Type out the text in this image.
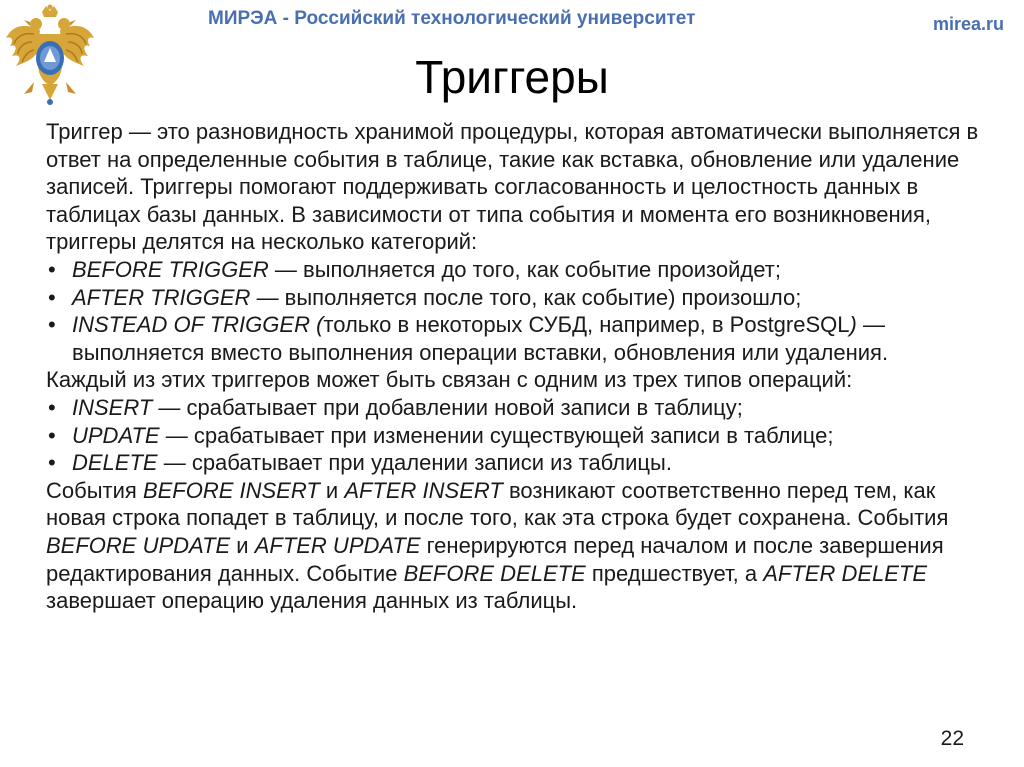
МИРЭА - Российский технологический университет	mirea.ru
Триггеры

Триггер — это разновидность хранимой процедуры, которая автоматически выполняется в ответ на определенные события в таблице, такие как вставка, обновление или удаление записей. Триггеры помогают поддерживать согласованность и целостность данных в таблицах базы данных. В зависимости от типа события и момента его возникновения, триггеры делятся на несколько категорий:

• BEFORE TRIGGER — выполняется до того, как событие произойдет;
• AFTER TRIGGER — выполняется после того, как событие) произошло;
• INSTEAD OF TRIGGER (только в некоторых СУБД, например, в PostgreSQL) — выполняется вместо выполнения операции вставки, обновления или удаления.

Каждый из этих триггеров может быть связан с одним из трех типов операций:

• INSERT — срабатывает при добавлении новой записи в таблицу;
• UPDATE — срабатывает при изменении существующей записи в таблице;
• DELETE — срабатывает при удалении записи из таблицы.

События BEFORE INSERT и AFTER INSERT возникают соответственно перед тем, как новая строка попадет в таблицу, и после того, как эта строка будет сохранена. События BEFORE UPDATE и AFTER UPDATE генерируются перед началом и после завершения редактирования данных. Событие BEFORE DELETE предшествует, а AFTER DELETE завершает операцию удаления данных из таблицы.

22
